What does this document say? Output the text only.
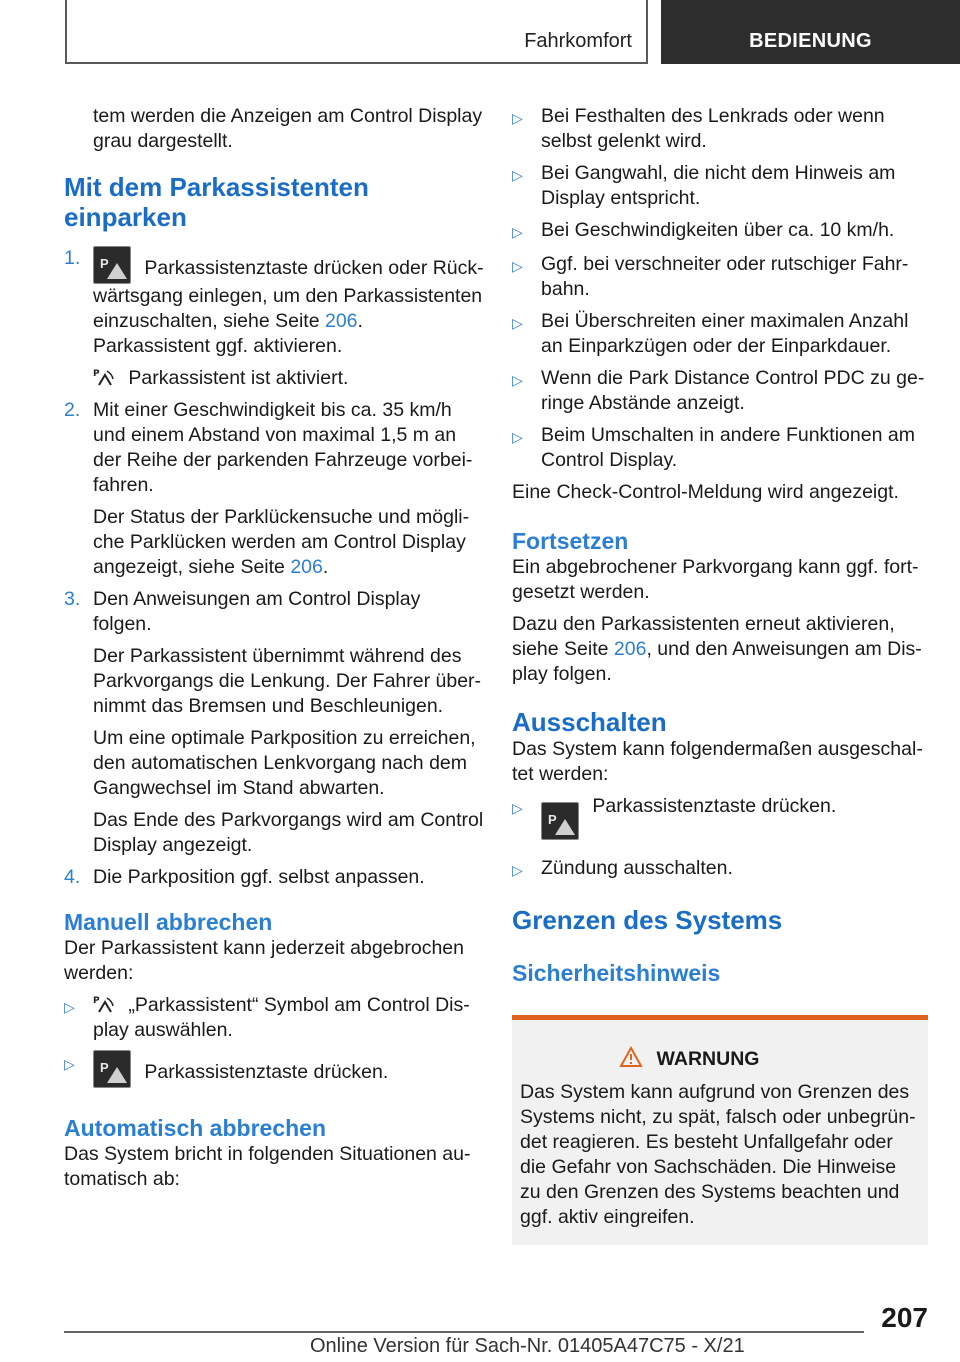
Fahrkomfort	BEDIENUNG

tem werden die Anzeigen am Control Display grau dargestellt.

Mit dem Parkassistenten einparken
1. P	Parkassistenztaste drücken oder Rückwärtsgang einlegen, um den Parkassistenten einzuschalten, siehe Seite 206. Parkassistent ggf. aktivieren.

P Parkassistent ist aktiviert.

2. Mit einer Geschwindigkeit bis ca. 35 km/h und einem Abstand von maximal 1,5 m an der Reihe der parkenden Fahrzeuge vorbeifahren.

Der Status der Parklückensuche und mögliche Parklücken werden am Control Display angezeigt, siehe Seite 206.

3. Den Anweisungen am Control Display folgen.

Der Parkassistent übernimmt während des Parkvorgangs die Lenkung. Der Fahrer übernimmt das Bremsen und Beschleunigen.

Um eine optimale Parkposition zu erreichen, den automatischen Lenkvorgang nach dem Gangwechsel im Stand abwarten.

Das Ende des Parkvorgangs wird am Control Display angezeigt.

4. Die Parkposition ggf. selbst anpassen.

Manuell abbrechen

Der Parkassistent kann jederzeit abgebrochen werden:

▷	P „Parkassistent“ Symbol am Control Display auswählen.
▷ P	Parkassistenztaste drücken.
Automatisch abbrechen

Das System bricht in folgenden Situationen automatisch ab:

▷ Bei Festhalten des Lenkrads oder wenn selbst gelenkt wird.
▷ Bei Gangwahl, die nicht dem Hinweis am Display entspricht.
▷ Bei Geschwindigkeiten über ca. 10 km/h.
▷ Ggf. bei verschneiter oder rutschiger Fahrbahn.
▷ Bei Überschreiten einer maximalen Anzahl an Einparkzügen oder der Einparkdauer.
▷ Wenn die Park Distance Control PDC zu geringe Abstände anzeigt.
▷ Beim Umschalten in andere Funktionen am Control Display.

Eine Check-Control-Meldung wird angezeigt.

Fortsetzen

Ein abgebrochener Parkvorgang kann ggf. fortgesetzt werden.

Dazu den Parkassistenten erneut aktivieren, siehe Seite 206, und den Anweisungen am Display folgen.

Ausschalten

Das System kann folgendermaßen ausgeschaltet werden:

▷ P	Parkassistenztaste drücken.
▷ Zündung ausschalten.
Grenzen des Systems
Sicherheitshinweis
WARNUNG

Das System kann aufgrund von Grenzen des Systems nicht, zu spät, falsch oder unbegründet reagieren. Es besteht Unfallgefahr oder die Gefahr von Sachschäden. Die Hinweise zu den Grenzen des Systems beachten und ggf. aktiv eingreifen.

207
Online Version für Sach-Nr. 01405A47C75 - X/21
